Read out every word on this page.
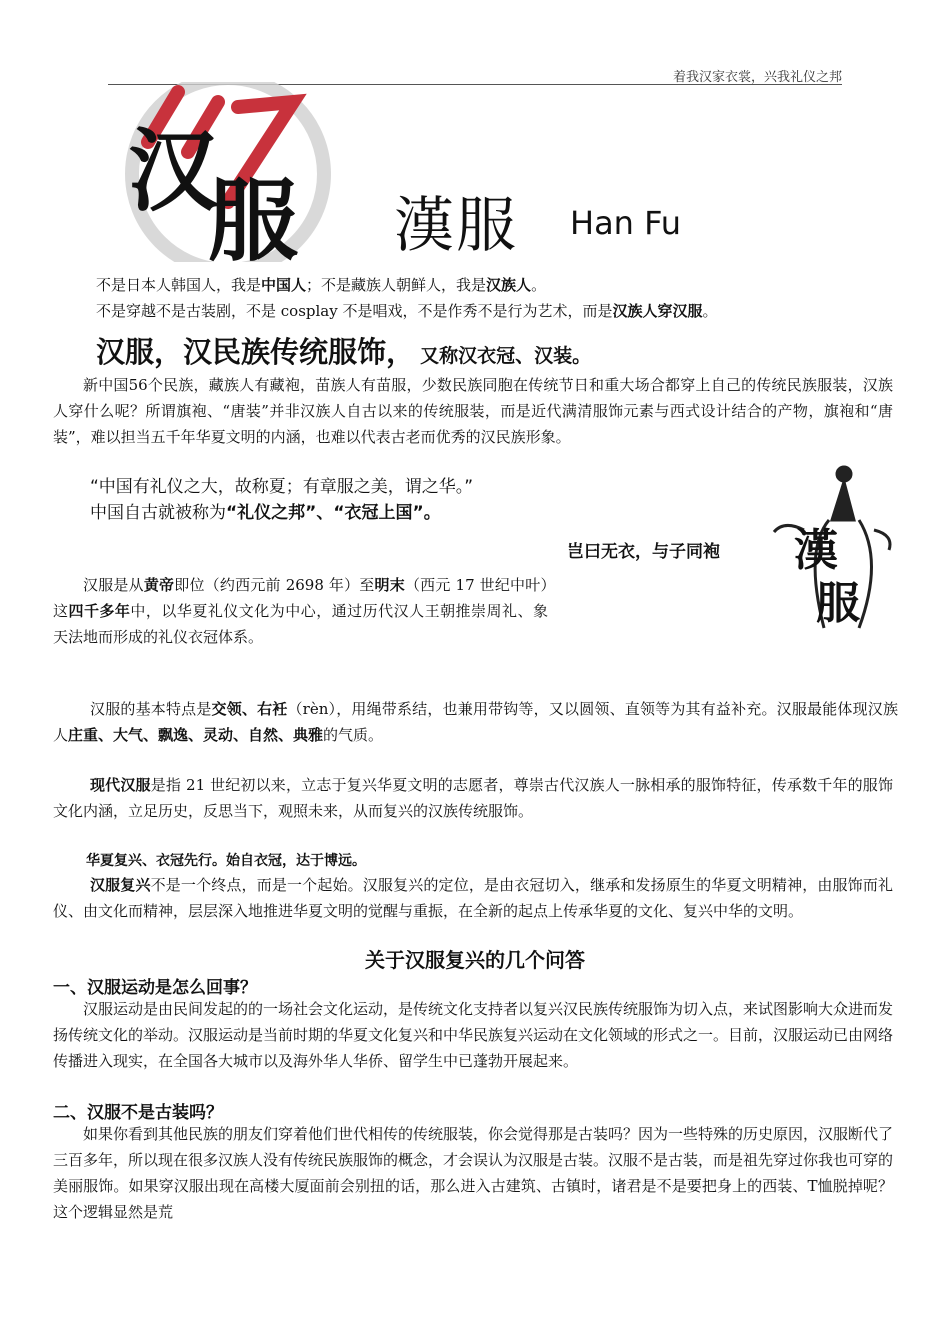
着我汉家衣裳，兴我礼仪之邦
汉
服 漢服 Han Fu
不是日本人韩国人，我是中国人；不是藏族人朝鲜人，我是汉族人。
不是穿越不是古装剧，不是 cosplay 不是唱戏，不是作秀不是行为艺术，而是汉族人穿汉服。
汉服，汉民族传统服饰， 又称汉衣冠、汉装。
新中国56个民族，藏族人有藏袍，苗族人有苗服，少数民族同胞在传统节日和重大场合都穿上自己的传统民族服装，汉族人穿什么呢？所谓旗袍、“唐装”并非汉族人自古以来的传统服装，而是近代满清服饰元素与西式设计结合的产物，旗袍和“唐装”，难以担当五千年华夏文明的内涵，也难以代表古老而优秀的汉民族形象。
“中国有礼仪之大，故称夏；有章服之美，谓之华。”
中国自古就被称为“礼仪之邦”、“衣冠上国”。
漢
服
岂曰无衣，与子同袍
汉服是从黄帝即位（约西元前 2698 年）至明末（西元 17 世纪中叶）这四千多年中，以华夏礼仪文化为中心，通过历代汉人王朝推崇周礼、象天法地而形成的礼仪衣冠体系。
汉服的基本特点是交领、右衽（rèn），用绳带系结，也兼用带钩等，又以圆领、直领等为其有益补充。汉服最能体现汉族人庄重、大气、飘逸、灵动、自然、典雅的气质。
现代汉服是指 21 世纪初以来，立志于复兴华夏文明的志愿者，尊崇古代汉族人一脉相承的服饰特征，传承数千年的服饰文化内涵，立足历史，反思当下，观照未来，从而复兴的汉族传统服饰。
华夏复兴、衣冠先行。始自衣冠，达于博远。
汉服复兴不是一个终点，而是一个起始。汉服复兴的定位，是由衣冠切入，继承和发扬原生的华夏文明精神，由服饰而礼仪、由文化而精神，层层深入地推进华夏文明的觉醒与重振，在全新的起点上传承华夏的文化、复兴中华的文明。
关于汉服复兴的几个问答
一、汉服运动是怎么回事？
汉服运动是由民间发起的的一场社会文化运动，是传统文化支持者以复兴汉民族传统服饰为切入点，来试图影响大众进而发扬传统文化的举动。汉服运动是当前时期的华夏文化复兴和中华民族复兴运动在文化领域的形式之一。目前，汉服运动已由网络传播进入现实，在全国各大城市以及海外华人华侨、留学生中已蓬勃开展起来。
二、汉服不是古装吗？
如果你看到其他民族的朋友们穿着他们世代相传的传统服装，你会觉得那是古装吗？因为一些特殊的历史原因，汉服断代了三百多年，所以现在很多汉族人没有传统民族服饰的概念，才会误认为汉服是古装。汉服不是古装，而是祖先穿过你我也可穿的美丽服饰。如果穿汉服出现在高楼大厦面前会别扭的话，那么进入古建筑、古镇时，诸君是不是要把身上的西装、T恤脱掉呢？这个逻辑显然是荒
